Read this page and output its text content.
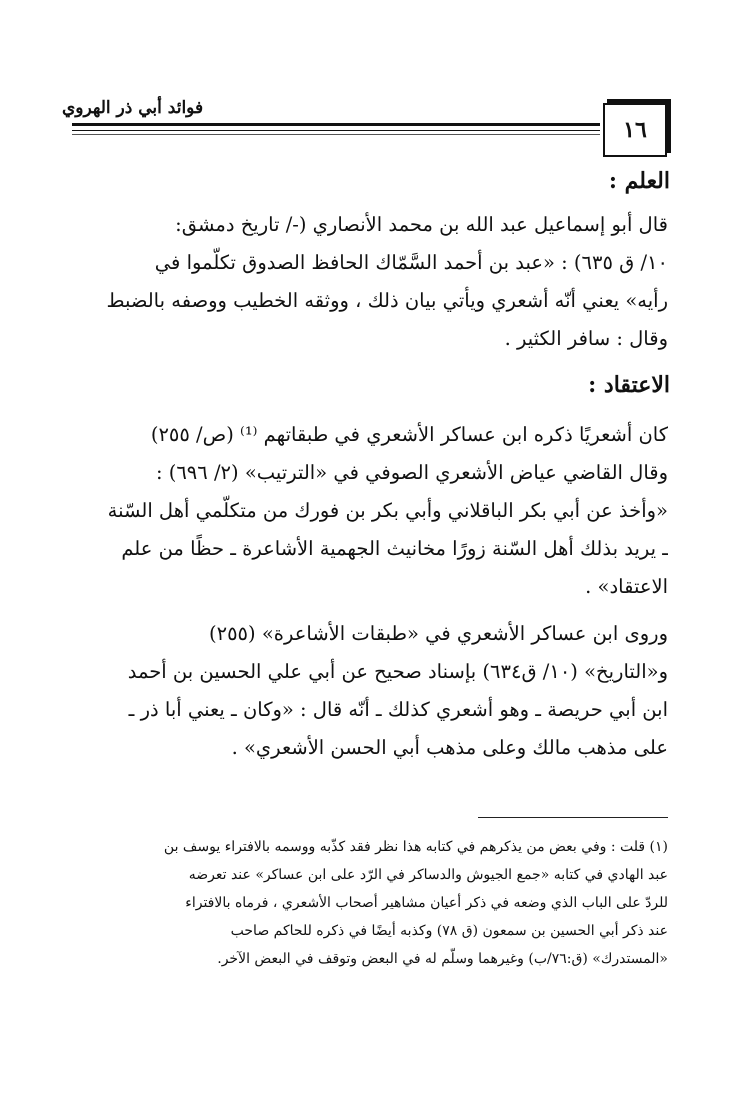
فوائد أبي ذر الهروي
١٦
العلم :
قال أبو إسماعيل عبد الله بن محمد الأنصاري (-/ تاريخ دمشق:
١٠/ ق ٦٣٥) : «عبد بن أحمد السَّمّاك الحافظ الصدوق تكلّموا في
رأيه» يعني أنّه أشعري ويأتي بيان ذلك ، ووثقه الخطيب ووصفه بالضبط
وقال : سافر الكثير .
الاعتقاد :
كان أشعريًا ذكره ابن عساكر الأشعري في طبقاتهم ⁽¹⁾ (ص/ ٢٥٥)
وقال القاضي عياض الأشعري الصوفي في «الترتيب» (٢/ ٦٩٦) :
«وأخذ عن أبي بكر الباقلاني وأبي بكر بن فورك من متكلّمي أهل السّنة
ـ يريد بذلك أهل السّنة زورًا مخانيث الجهمية الأشاعرة ـ حظًا من علم
الاعتقاد» .
وروى ابن عساكر الأشعري في «طبقات الأشاعرة» (٢٥٥)
و«التاريخ» (١٠/ ق٦٣٤) بإسناد صحيح عن أبي علي الحسين بن أحمد
ابن أبي حريصة ـ وهو أشعري كذلك ـ أنّه قال : «وكان ـ يعني أبا ذر ـ
على مذهب مالك وعلى مذهب أبي الحسن الأشعري» .
(١) قلت : وفي بعض من يذكرهم في كتابه هذا نظر فقد كذّبه ووسمه بالافتراء يوسف بن
عبد الهادي في كتابه «جمع الجيوش والدساكر في الرّد على ابن عساكر» عند تعرضه
للردّ على الباب الذي وضعه في ذكر أعيان مشاهير أصحاب الأشعري ، فرماه بالافتراء
عند ذكر أبي الحسين بن سمعون (ق ٧٨) وكذبه أيضًا في ذكره للحاكم صاحب
«المستدرك» (ق:٧٦/ب) وغيرهما وسلّم له في البعض وتوقف في البعض الآخر.
